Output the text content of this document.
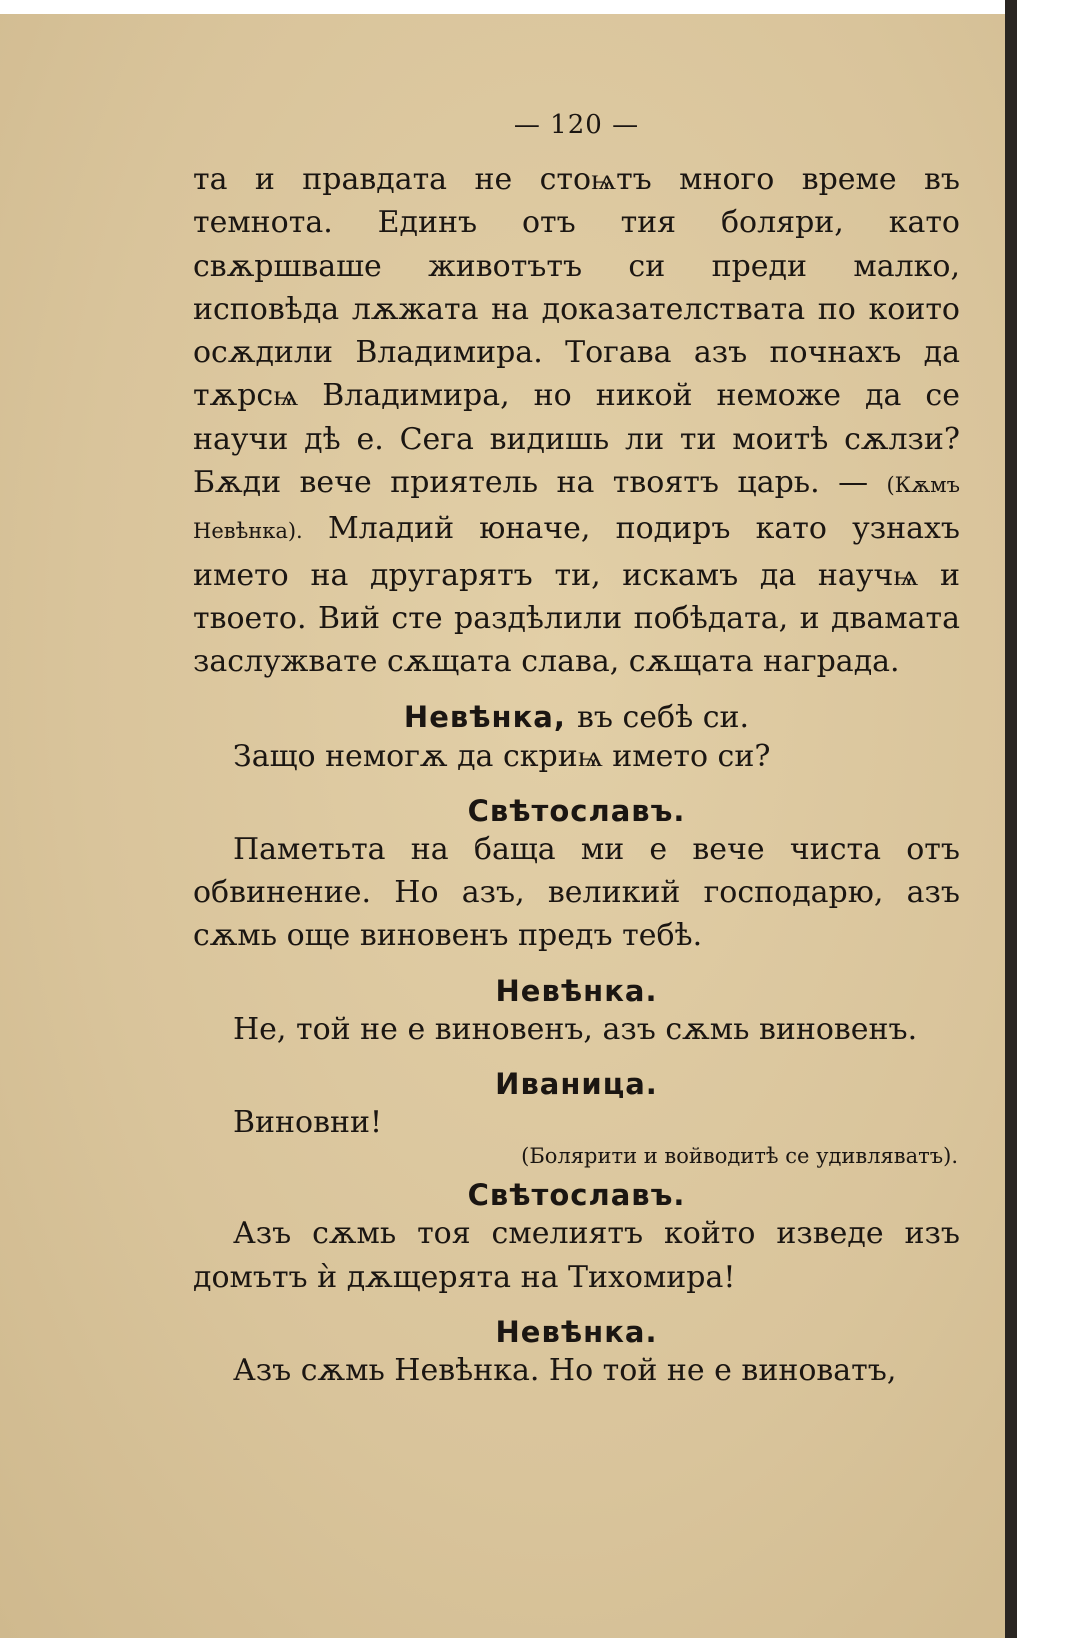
— 120 —

та и правдата не стоѩтъ много време въ темнота. Единъ отъ тия боляри, като свѫршваше животътъ си преди малко, исповѣда лѫжата на доказателствата по които осѫдили Владимира. Тогава азъ почнахъ да тѫрсѩ Владимира, но никой неможе да се научи дѣ е. Сега видишь ли ти моитѣ сѫлзи? Бѫди вече приятель на твоятъ царь. — (Кѫмъ Невѣнка). Младий юначе, подиръ като узнахъ името на другарятъ ти, искамъ да научѩ и твоето. Вий сте раздѣлили побѣдата, и двамата заслужвате сѫщата слава, сѫщата награда.

Невѣнка, въ себѣ си.

Защо немогѫ да скриѩ името си?

Свѣтославъ.

Паметьта на баща ми е вече чиста отъ обвинение. Но азъ, великий господарю, азъ сѫмь още виновенъ предъ тебѣ.

Невѣнка.

Не, той не е виновенъ, азъ сѫмь виновенъ.

Иваница.

Виновни!

(Болярити и войводитѣ се удивляватъ).

Свѣтославъ.

Азъ сѫмь тоя смелиятъ който изведе изъ домътъ ѝ дѫщерята на Тихомира!

Невѣнка.

Азъ сѫмь Невѣнка. Но той не е виноватъ,
